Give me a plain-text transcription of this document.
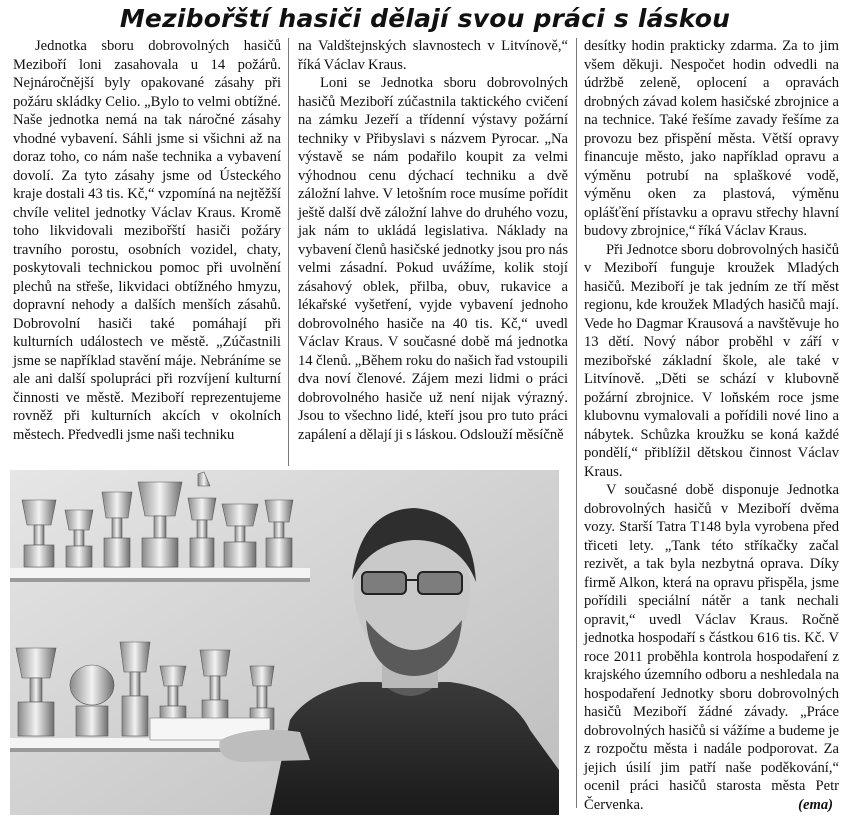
Mezibořští hasiči dělají svou práci s láskou

Jednotka sboru dobrovolných hasičů Meziboří loni zasahovala u 14 požárů. Nejnáročnější byly opakované zásahy při požáru skládky Celio. „Bylo to velmi obtížné. Naše jednotka nemá na tak náročné zásahy vhodné vybavení. Sáhli jsme si všichni až na doraz toho, co nám naše technika a vybavení dovolí. Za tyto zásahy jsme od Ústeckého kraje dostali 43 tis. Kč,“ vzpomíná na nejtěžší chvíle velitel jednotky Václav Kraus. Kromě toho likvidovali mezibořští hasiči požáry travního porostu, osobních vozidel, chaty, poskytovali technickou pomoc při uvolnění plechů na střeše, likvidaci obtížného hmyzu, dopravní nehody a dalších menších zásahů. Dobrovolní hasiči také pomáhají při kulturních událostech ve městě. „Zúčastnili jsme se například stavění máje. Nebráníme se ale ani další spolupráci při rozvíjení kulturní činnosti ve městě. Meziboří reprezentujeme rovněž při kulturních akcích v okolních městech. Předvedli jsme naši techniku

na Valdštejnských slavnostech v Litvínově,“ říká Václav Kraus.

Loni se Jednotka sboru dobrovolných hasičů Meziboří zúčastnila taktického cvičení na zámku Jezeří a třídenní výstavy požární techniky v Přibyslavi s názvem Pyrocar. „Na výstavě se nám podařilo koupit za velmi výhodnou cenu dýchací techniku a dvě záložní lahve. V letošním roce musíme pořídit ještě další dvě záložní lahve do druhého vozu, jak nám to ukládá legislativa. Náklady na vybavení členů hasičské jednotky jsou pro nás velmi zásadní. Pokud uvážíme, kolik stojí zásahový oblek, přilba, obuv, rukavice a lékařské vyšetření, vyjde vybavení jednoho dobrovolného hasiče na 40 tis. Kč,“ uvedl Václav Kraus. V současné době má jednotka 14 členů. „Během roku do našich řad vstoupili dva noví členové. Zájem mezi lidmi o práci dobrovolného hasiče už není nijak výrazný. Jsou to všechno lidé, kteří jsou pro tuto práci zapálení a dělají ji s láskou. Odslouží měsíčně

desítky hodin prakticky zdarma. Za to jim všem děkuji. Nespočet hodin odvedli na údržbě zeleně, oplocení a opravách drobných závad kolem hasičské zbrojnice a na technice. Také řešíme zavady řešíme za provozu bez přispění města. Větší opravy financuje město, jako například opravu a výměnu potrubí na splaškové vodě, výměnu oken za plastová, výměnu oplášťění přístavku a opravu střechy hlavní budovy zbrojnice,“ říká Václav Kraus.

Při Jednotce sboru dobrovolných hasičů v Meziboří funguje kroužek Mladých hasičů. Meziboří je tak jedním ze tří měst regionu, kde kroužek Mladých hasičů mají. Vede ho Dagmar Krausová a navštěvuje ho 13 dětí. Nový nábor proběhl v září v mezibořské základní škole, ale také v Litvínově. „Děti se schází v klubovně požární zbrojnice. V loňském roce jsme klubovnu vymalovali a pořídili nové lino a nábytek. Schůzka kroužku se koná každé pondělí,“ přiblížil dětskou činnost Václav Kraus.

V současné době disponuje Jednotka dobrovolných hasičů v Meziboří dvěma vozy. Starší Tatra T148 byla vyrobena před třiceti lety. „Tank této stříkačky začal rezivět, a tak byla nezbytná oprava. Díky firmě Alkon, která na opravu přispěla, jsme pořídili speciální nátěr a tank nechali opravit,“ uvedl Václav Kraus. Ročně jednotka hospodaří s částkou 616 tis. Kč. V roce 2011 proběhla kontrola hospodaření z krajského územního odboru a neshledala na hospodaření Jednotky sboru dobrovolných hasičů Meziboří žádné závady. „Práce dobrovolných hasičů si vážíme a budeme je z rozpočtu města i nadále podporovat. Za jejich úsilí jim patří naše poděkování,“ ocenil práci hasičů starosta města Petr Červenka.	(ema)
